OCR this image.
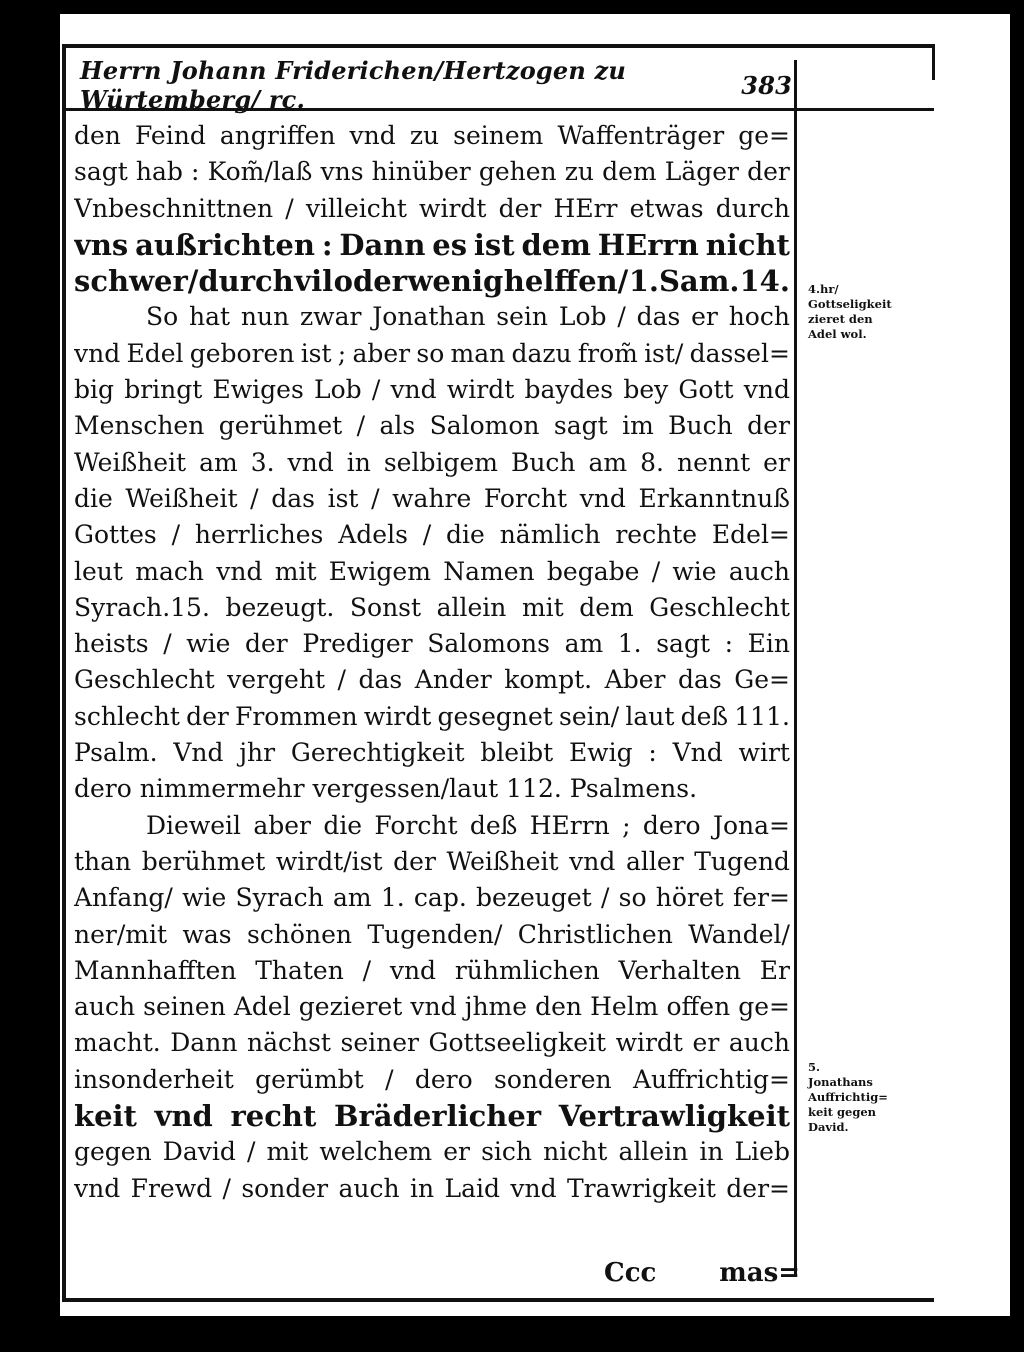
Herrn Johann Friderichen/Hertzogen zu Würtemberg/ rc.	383
den Feind angriffen vnd zu seinem Waffenträger ge=
sagt hab : Kom̃/laß vns hinüber gehen zu dem Läger der
Vnbeschnittnen / villeicht wirdt der HErr etwas durch
vns außrichten : Dann es ist dem HErrn nicht
schwer/durch vil oder wenig helffen/ 1.Sam.14.
So hat nun zwar Jonathan sein Lob / das er hoch
vnd Edel geboren ist ; aber so man dazu from̃ ist/ dassel=
big bringt Ewiges Lob / vnd wirdt baydes bey Gott vnd
Menschen gerühmet / als Salomon sagt im Buch der
Weißheit am 3. vnd in selbigem Buch am 8. nennt er
die Weißheit / das ist / wahre Forcht vnd Erkanntnuß
Gottes / herrliches Adels / die nämlich rechte Edel=
leut mach vnd mit Ewigem Namen begabe / wie auch
Syrach.15. bezeugt. Sonst allein mit dem Geschlecht
heists / wie der Prediger Salomons am 1. sagt : Ein
Geschlecht vergeht / das Ander kompt. Aber das Ge=
schlecht der Frommen wirdt gesegnet sein/ laut deß 111.
Psalm. Vnd jhr Gerechtigkeit bleibt Ewig : Vnd wirt
dero nimmermehr vergessen/laut 112. Psalmens.
Dieweil aber die Forcht deß HErrn ; dero Jona=
than berühmet wirdt/ist der Weißheit vnd aller Tugend
Anfang/ wie Syrach am 1. cap. bezeuget / so höret fer=
ner/mit was schönen Tugenden/ Christlichen Wandel/
Mannhafften Thaten / vnd rühmlichen Verhalten Er
auch seinen Adel gezieret vnd jhme den Helm offen ge=
macht. Dann nächst seiner Gottseeligkeit wirdt er auch
insonderheit gerümbt / dero sonderen Auffrichtig=
keit vnd recht Bräderlicher Vertrawligkeit
gegen David / mit welchem er sich nicht allein in Lieb
vnd Frewd / sonder auch in Laid vnd Trawrigkeit der=
4.hr/
Gottseligkeit
zieret den
Adel wol.
5.
Jonathans
Auffrichtig=
keit gegen
David.
Ccc mas=
